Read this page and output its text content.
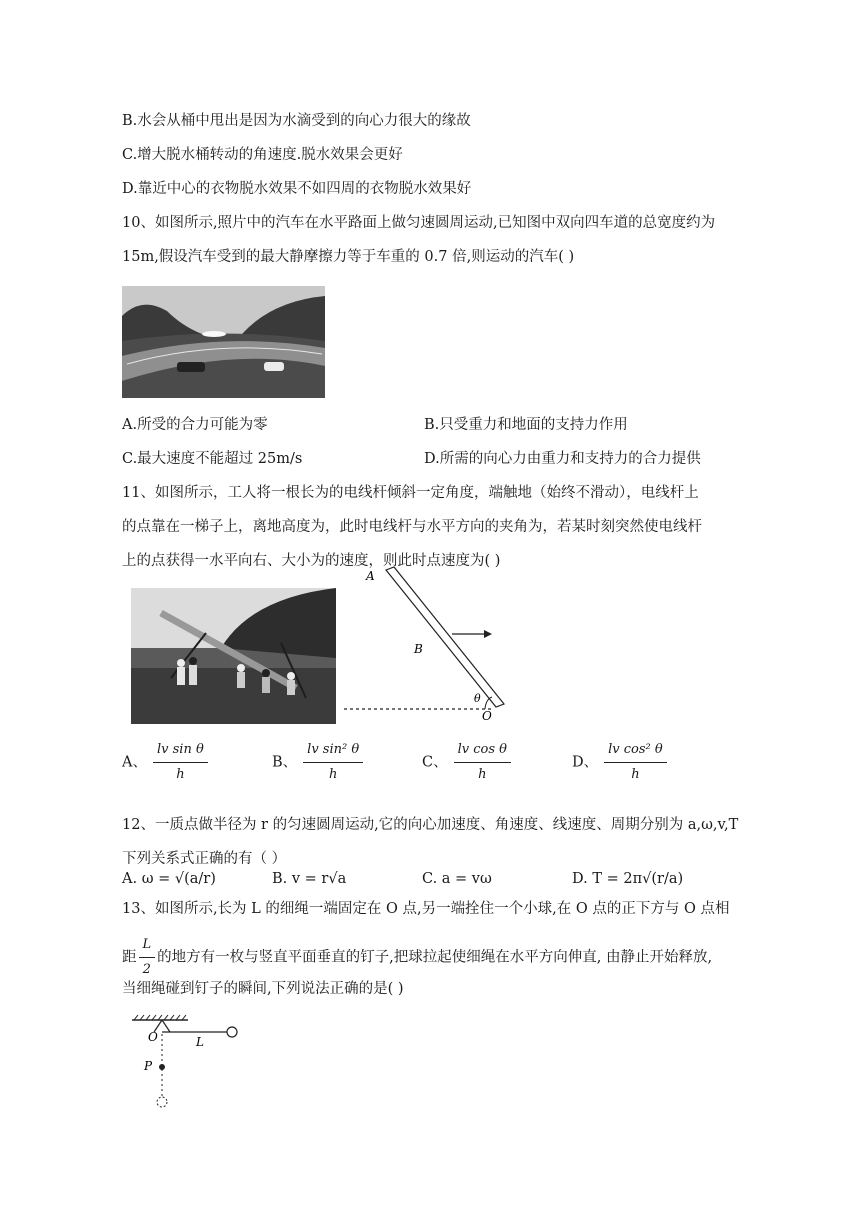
B.水会从桶中甩出是因为水滴受到的向心力很大的缘故
C.增大脱水桶转动的角速度.脱水效果会更好
D.靠近中心的衣物脱水效果不如四周的衣物脱水效果好
10、如图所示,照片中的汽车在水平路面上做匀速圆周运动,已知图中双向四车道的总宽度约为
15m,假设汽车受到的最大静摩擦力等于车重的 0.7 倍,则运动的汽车( )
A.所受的合力可能为零	B.只受重力和地面的支持力作用
C.最大速度不能超过 25m/s	D.所需的向心力由重力和支持力的合力提供
11、如图所示，工人将一根长为的电线杆倾斜一定角度，端触地（始终不滑动），电线杆上
的点靠在一梯子上，离地高度为，此时电线杆与水平方向的夹角为，若某时刻突然使电线杆
上的点获得一水平向右、大小为的速度，则此时点速度为( )
A
B
θ
O
A、 $\frac{\text{lv sin θ}}{h}$	B、 $\frac{\text{lv sin² θ}}{h}$	C、 $\frac{\text{lv cos θ}}{h}$	D、 $\frac{\text{lv cos² θ}}{h}$
12、一质点做半径为 r 的匀速圆周运动,它的向心加速度、角速度、线速度、周期分别为 a,ω,v,T
下列关系式正确的有（ ）
A. ω = √(a/r)	B. v = r√a	C. a = vω	D. T = 2π√(r/a)
13、如图所示,长为 L 的细绳一端固定在 O 点,另一端拴住一个小球,在 O 点的正下方与 O 点相
距 $\frac{L}{2}$ 的地方有一枚与竖直平面垂直的钉子,把球拉起使细绳在水平方向伸直, 由静止开始释放,
当细绳碰到钉子的瞬间,下列说法正确的是( )
O	L
P
